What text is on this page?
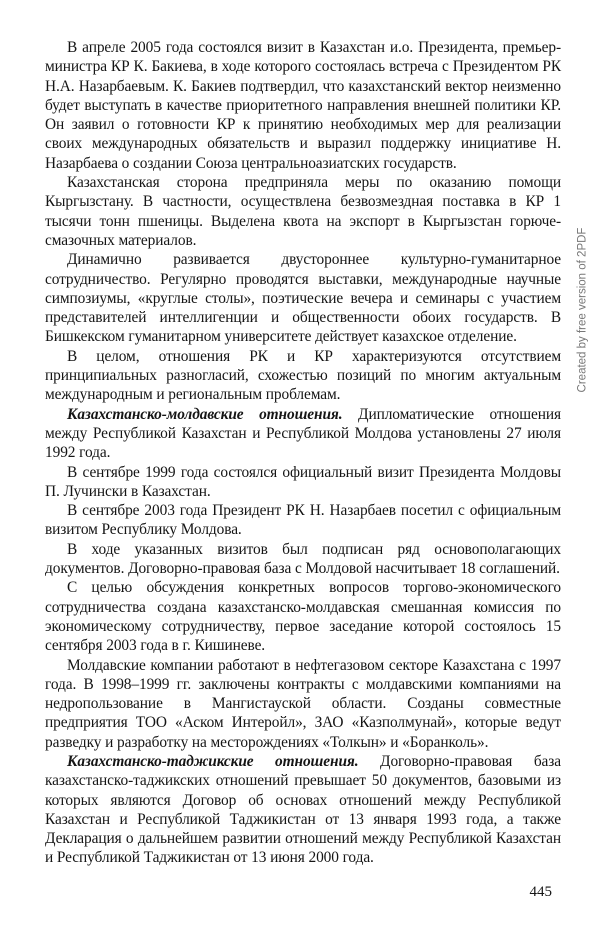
В апреле 2005 года состоялся визит в Казахстан и.о. Президента, премьер-министра КР К. Бакиева, в ходе которого состоялась встреча с Президентом РК Н.А. Назарбаевым. К. Бакиев подтвердил, что казахстанский вектор неизменно будет выступать в качестве приоритетного направления внешней политики КР. Он заявил о готовности КР к принятию необходимых мер для реализации своих международных обязательств и выразил поддержку инициативе Н. Назарбаева о создании Союза центральноазиатских государств.

Казахстанская сторона предприняла меры по оказанию помощи Кыргызстану. В частности, осуществлена безвозмездная поставка в КР 1 тысячи тонн пшеницы. Выделена квота на экспорт в Кыргызстан горюче-смазочных материалов.

Динамично развивается двустороннее культурно-гуманитарное сотрудничество. Регулярно проводятся выставки, международные научные симпозиумы, «круглые столы», поэтические вечера и семинары с участием представителей интеллигенции и общественности обоих государств. В Бишкекском гуманитарном университете действует казахское отделение.

В целом, отношения РК и КР характеризуются отсутствием принципиальных разногласий, схожестью позиций по многим актуальным международным и региональным проблемам.

Казахстанско-молдавские отношения. Дипломатические отношения между Республикой Казахстан и Республикой Молдова установлены 27 июля 1992 года.

В сентябре 1999 года состоялся официальный визит Президента Молдовы П. Лучински в Казахстан.

В сентябре 2003 года Президент РК Н. Назарбаев посетил с официальным визитом Республику Молдова.

В ходе указанных визитов был подписан ряд основополагающих документов. Договорно-правовая база с Молдовой насчитывает 18 соглашений.

С целью обсуждения конкретных вопросов торгово-экономического сотрудничества создана казахстанско-молдавская смешанная комиссия по экономическому сотрудничеству, первое заседание которой состоялось 15 сентября 2003 года в г. Кишиневе.

Молдавские компании работают в нефтегазовом секторе Казахстана с 1997 года. В 1998–1999 гг. заключены контракты с молдавскими компаниями на недропользование в Мангистауской области. Созданы совместные предприятия ТОО «Аском Интеройл», ЗАО «Казполмунай», которые ведут разведку и разработку на месторождениях «Толкын» и «Боранколь».

Казахстанско-таджикские отношения. Договорно-правовая база казахстанско-таджикских отношений превышает 50 документов, базовыми из которых являются Договор об основах отношений между Республикой Казахстан и Республикой Таджикистан от 13 января 1993 года, а также Декларация о дальнейшем развитии отношений между Республикой Казахстан и Республикой Таджикистан от 13 июня 2000 года.

445
Created by free version of 2PDF
